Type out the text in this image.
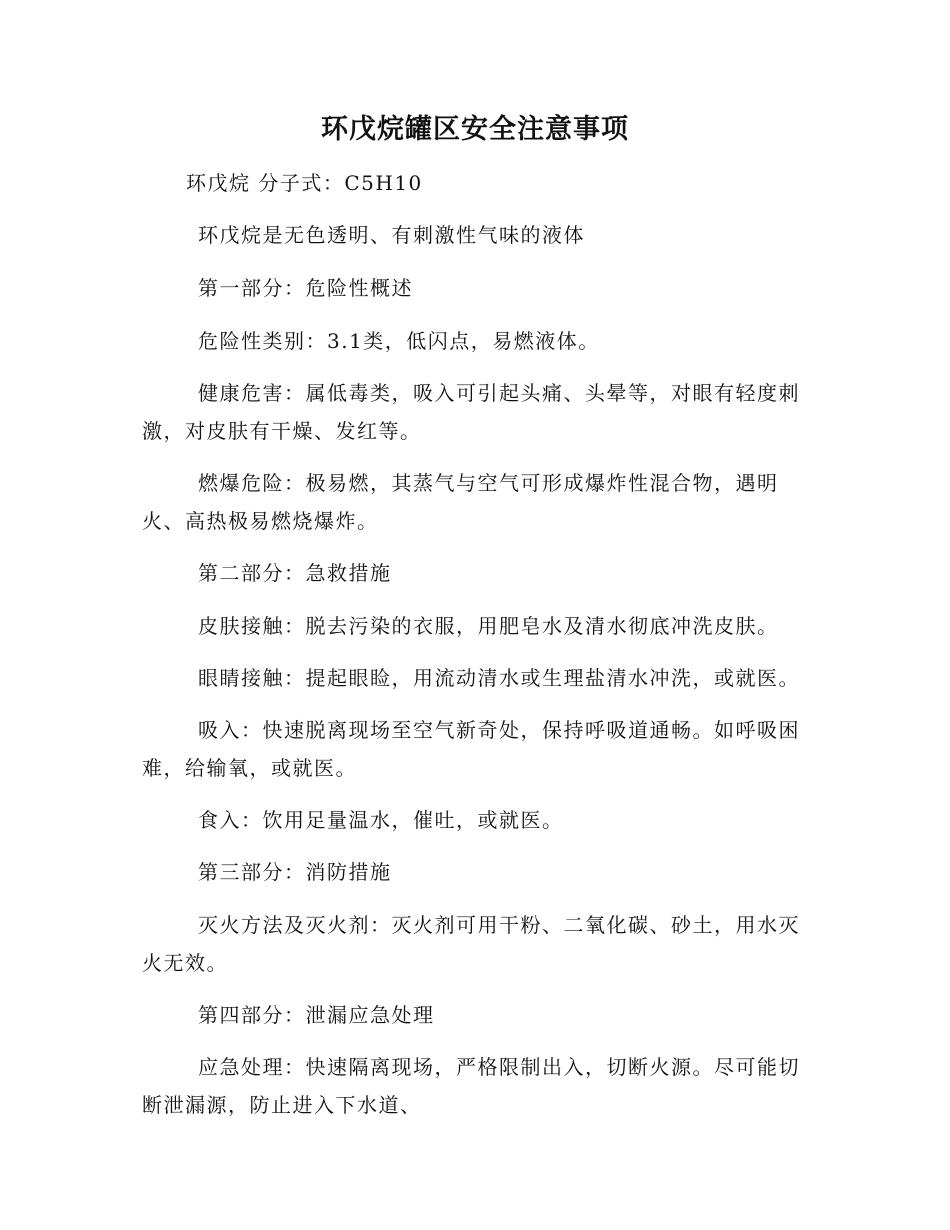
环戊烷罐区安全注意事项

环戊烷 分子式：C5H10

环戊烷是无色透明、有刺激性气味的液体

第一部分：危险性概述

危险性类别：3.1类，低闪点，易燃液体。

健康危害：属低毒类，吸入可引起头痛、头晕等，对眼有轻度刺激，对皮肤有干燥、发红等。

燃爆危险：极易燃，其蒸气与空气可形成爆炸性混合物，遇明火、高热极易燃烧爆炸。

第二部分：急救措施

皮肤接触：脱去污染的衣服，用肥皂水及清水彻底冲洗皮肤。

眼睛接触：提起眼睑，用流动清水或生理盐清水冲洗，或就医。

吸入：快速脱离现场至空气新奇处，保持呼吸道通畅。如呼吸困难，给输氧，或就医。

食入：饮用足量温水，催吐，或就医。

第三部分：消防措施

灭火方法及灭火剂：灭火剂可用干粉、二氧化碳、砂土，用水灭火无效。

第四部分：泄漏应急处理

应急处理：快速隔离现场，严格限制出入，切断火源。尽可能切断泄漏源，防止进入下水道、
